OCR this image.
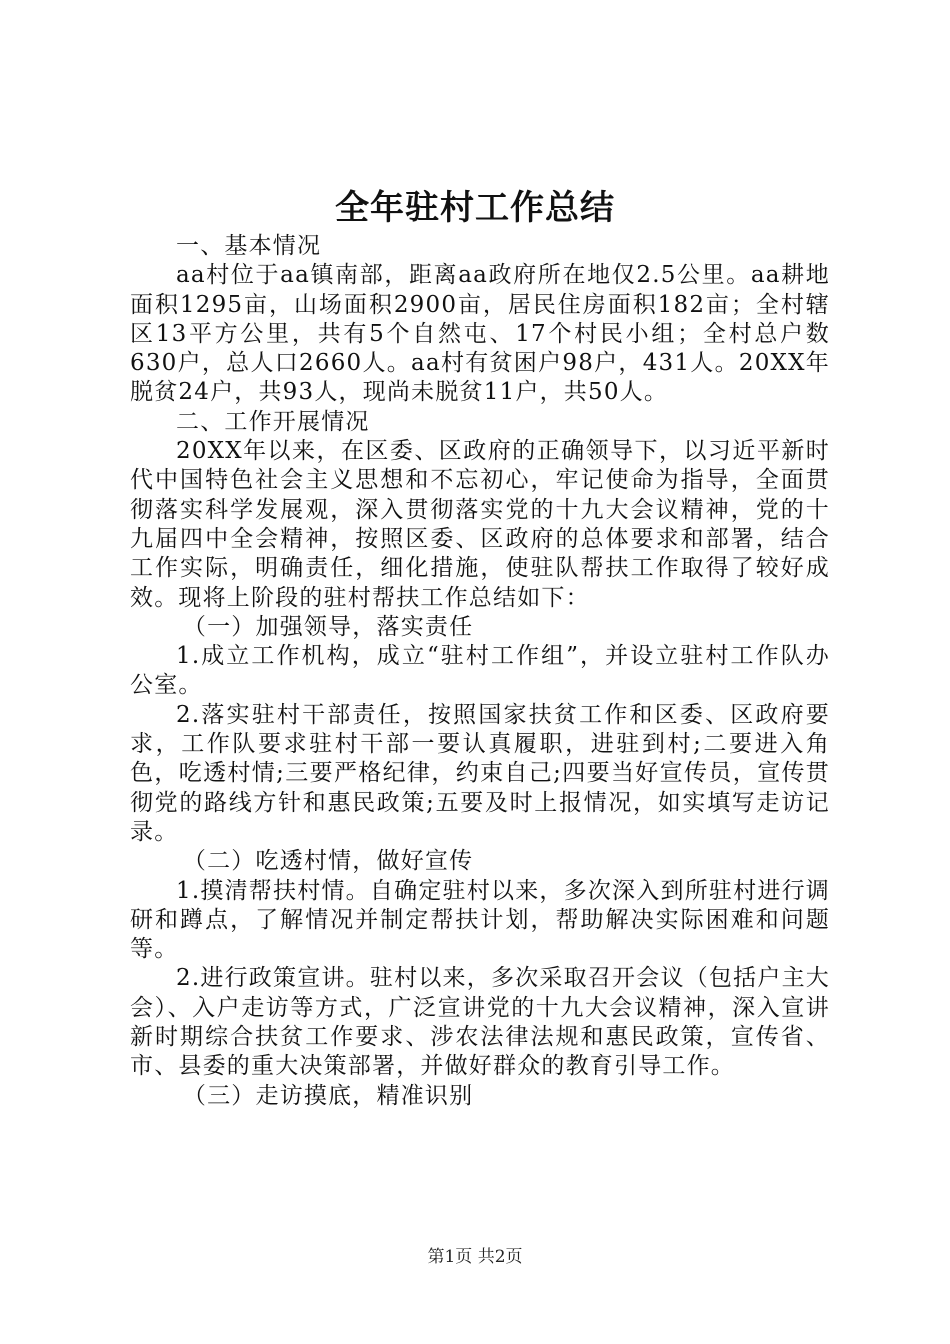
全年驻村工作总结

一、基本情况

aa村位于aa镇南部，距离aa政府所在地仅2.5公里。aa耕地面积1295亩，山场面积2900亩，居民住房面积182亩；全村辖区13平方公里，共有5个自然屯、17个村民小组；全村总户数630户，总人口2660人。aa村有贫困户98户，431人。20XX年脱贫24户，共93人，现尚未脱贫11户，共50人。

二、工作开展情况

20XX年以来，在区委、区政府的正确领导下，以习近平新时代中国特色社会主义思想和不忘初心，牢记使命为指导，全面贯彻落实科学发展观，深入贯彻落实党的十九大会议精神，党的十九届四中全会精神，按照区委、区政府的总体要求和部署，结合工作实际，明确责任，细化措施，使驻队帮扶工作取得了较好成效。现将上阶段的驻村帮扶工作总结如下：

（一）加强领导，落实责任

1.成立工作机构，成立“驻村工作组”，并设立驻村工作队办公室。

2.落实驻村干部责任，按照国家扶贫工作和区委、区政府要求，工作队要求驻村干部一要认真履职，进驻到村;二要进入角色，吃透村情;三要严格纪律，约束自己;四要当好宣传员，宣传贯彻党的路线方针和惠民政策;五要及时上报情况，如实填写走访记录。

（二）吃透村情，做好宣传

1.摸清帮扶村情。自确定驻村以来，多次深入到所驻村进行调研和蹲点，了解情况并制定帮扶计划，帮助解决实际困难和问题等。

2.进行政策宣讲。驻村以来，多次采取召开会议（包括户主大会）、入户走访等方式，广泛宣讲党的十九大会议精神，深入宣讲新时期综合扶贫工作要求、涉农法律法规和惠民政策，宣传省、市、县委的重大决策部署，并做好群众的教育引导工作。

（三）走访摸底，精准识别

第1页 共2页
